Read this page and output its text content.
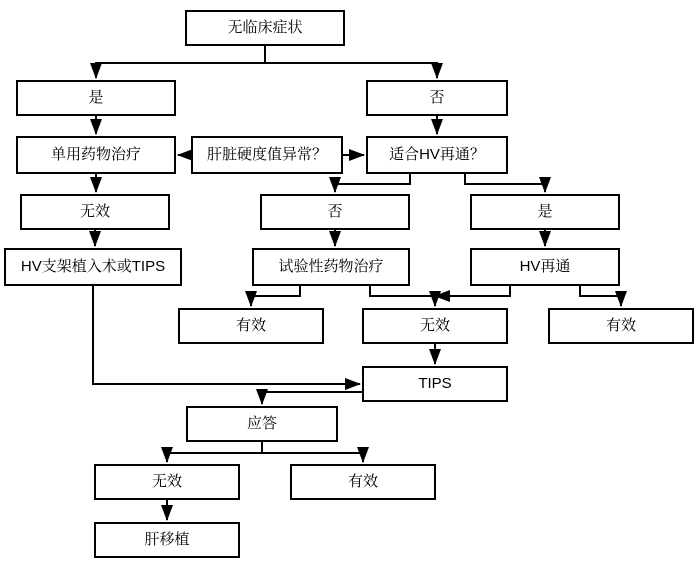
无临床症状
是	否
单用药物治疗	肝脏硬度值异常？	适合HV再通？
无效	否	是
HV支架植入术或TIPS	试验性药物治疗	HV再通
有效	无效	有效
TIPS
应答
无效	有效
肝移植
